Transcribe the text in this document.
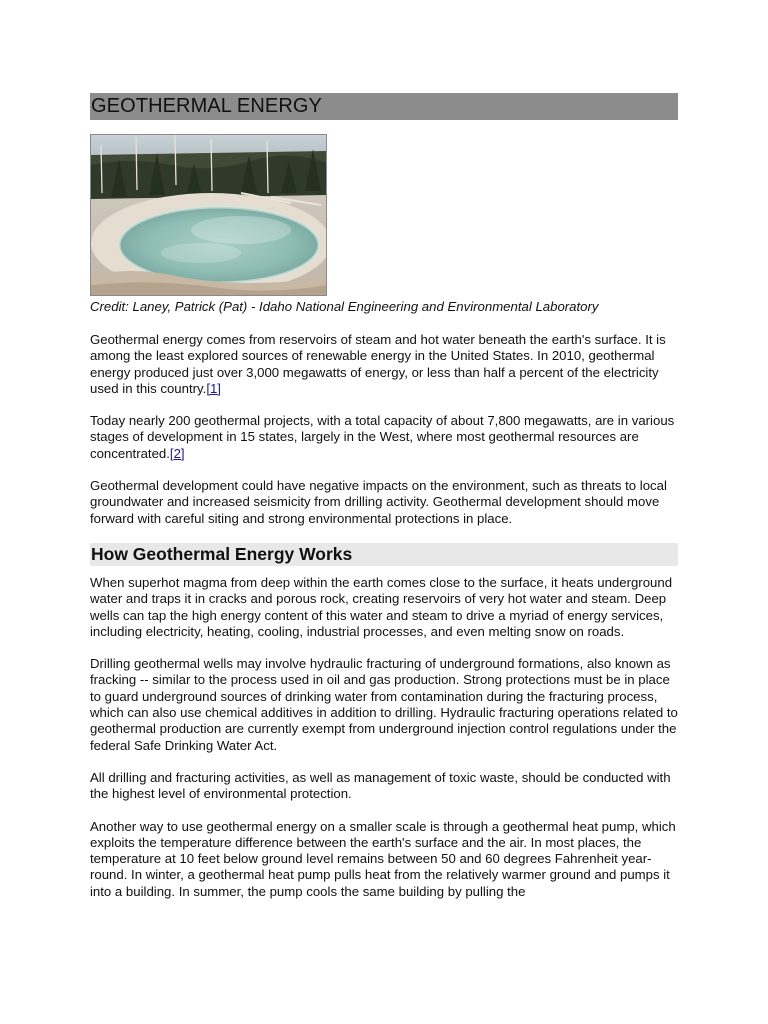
GEOTHERMAL ENERGY
Credit: Laney, Patrick (Pat) - Idaho National Engineering and Environmental Laboratory

Geothermal energy comes from reservoirs of steam and hot water beneath the earth's surface. It is among the least explored sources of renewable energy in the United States. In 2010, geothermal energy produced just over 3,000 megawatts of energy, or less than half a percent of the electricity used in this country.[1]

Today nearly 200 geothermal projects, with a total capacity of about 7,800 megawatts, are in various stages of development in 15 states, largely in the West, where most geothermal resources are concentrated.[2]

Geothermal development could have negative impacts on the environment, such as threats to local groundwater and increased seismicity from drilling activity. Geothermal development should move forward with careful siting and strong environmental protections in place.

How Geothermal Energy Works

When superhot magma from deep within the earth comes close to the surface, it heats underground water and traps it in cracks and porous rock, creating reservoirs of very hot water and steam. Deep wells can tap the high energy content of this water and steam to drive a myriad of energy services, including electricity, heating, cooling, industrial processes, and even melting snow on roads.

Drilling geothermal wells may involve hydraulic fracturing of underground formations, also known as fracking -- similar to the process used in oil and gas production. Strong protections must be in place to guard underground sources of drinking water from contamination during the fracturing process, which can also use chemical additives in addition to drilling. Hydraulic fracturing operations related to geothermal production are currently exempt from underground injection control regulations under the federal Safe Drinking Water Act.

All drilling and fracturing activities, as well as management of toxic waste, should be conducted with the highest level of environmental protection.

Another way to use geothermal energy on a smaller scale is through a geothermal heat pump, which exploits the temperature difference between the earth's surface and the air. In most places, the temperature at 10 feet below ground level remains between 50 and 60 degrees Fahrenheit year-round. In winter, a geothermal heat pump pulls heat from the relatively warmer ground and pumps it into a building. In summer, the pump cools the same building by pulling the
